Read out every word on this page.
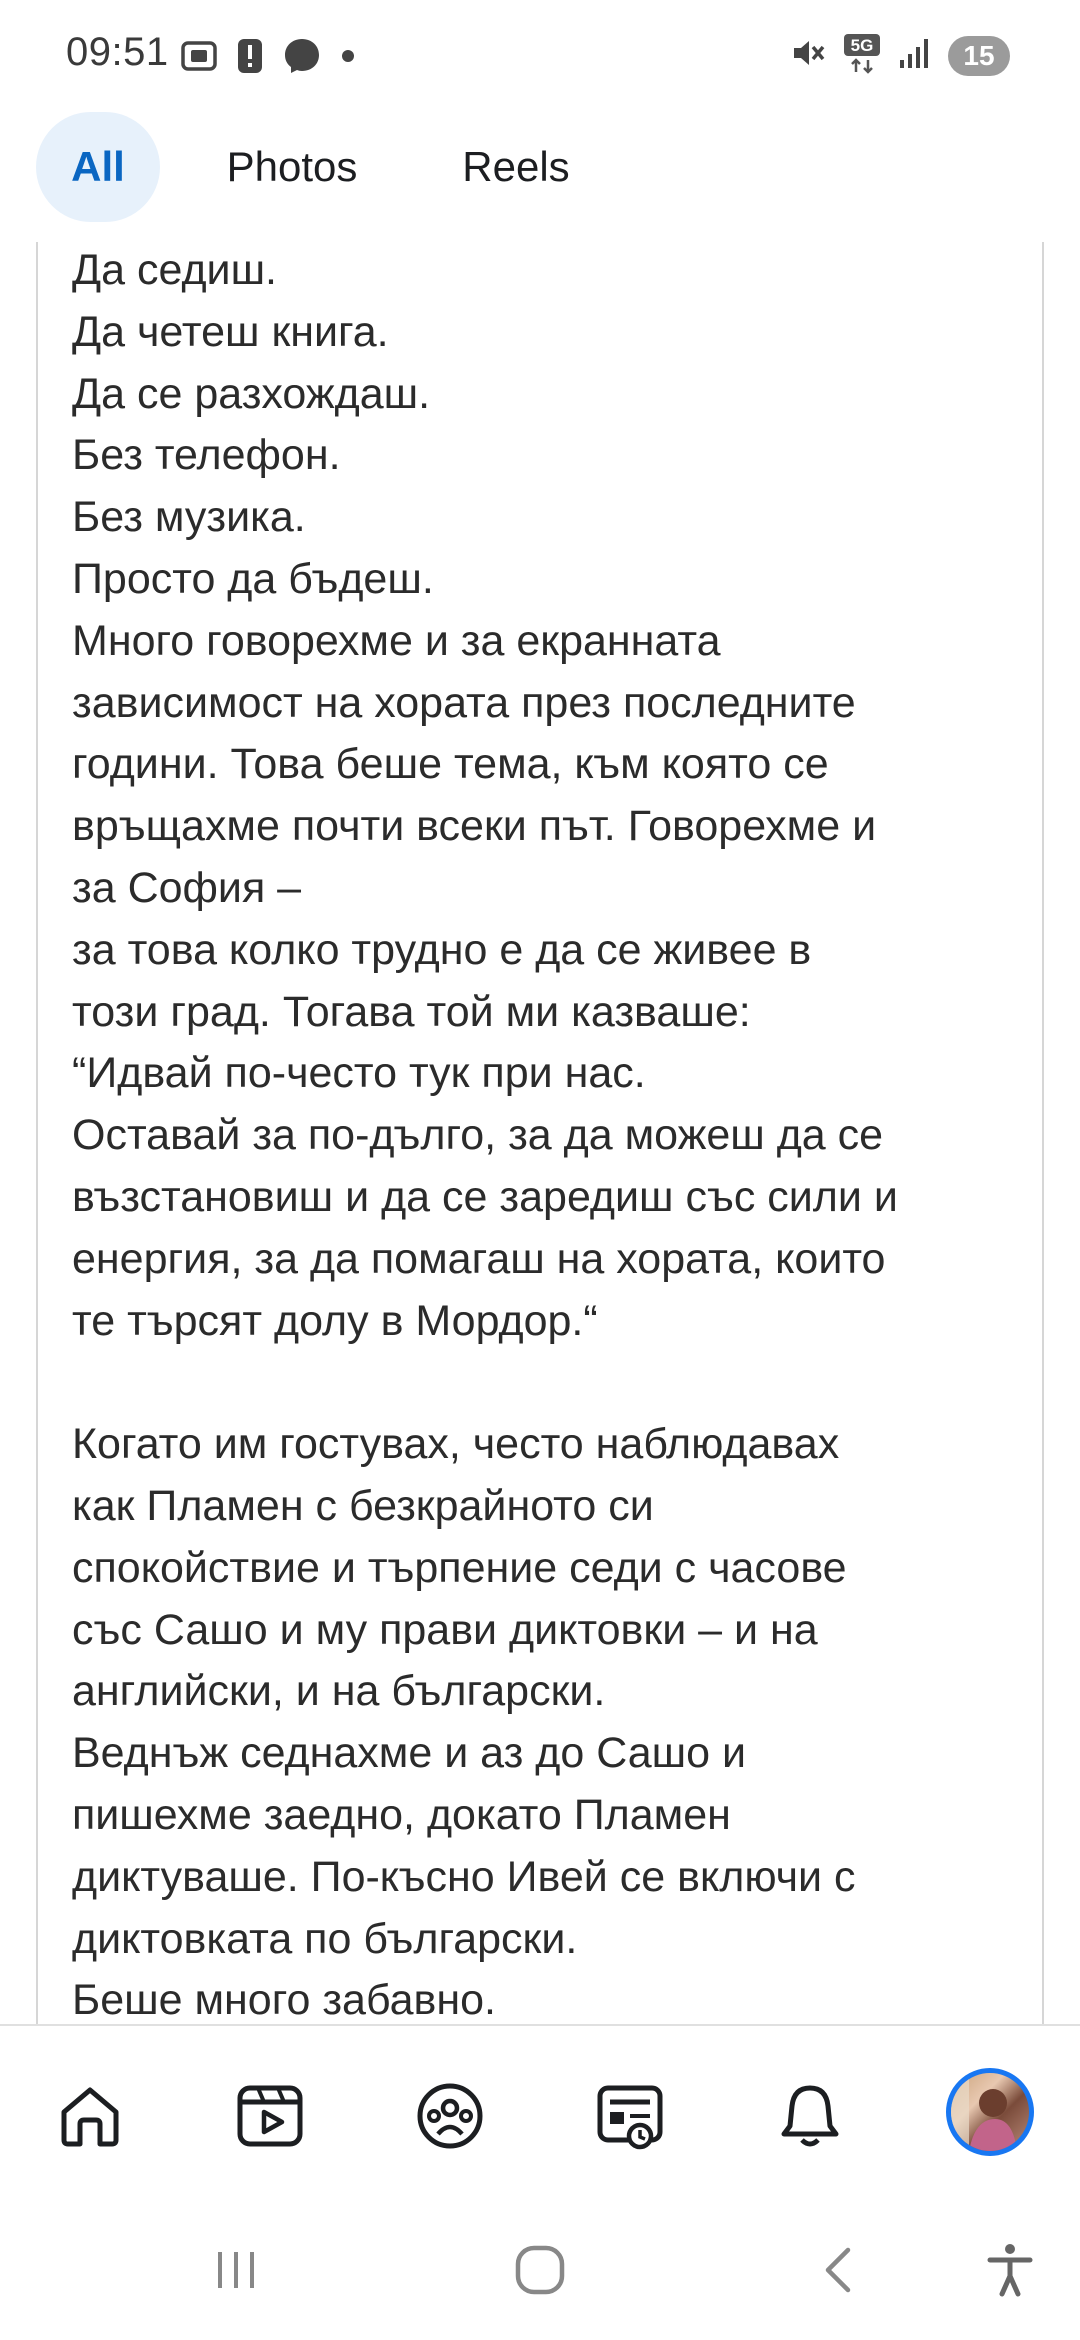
09:51	5G	15
All	Photos	Reels
Да седиш.
Да четеш книга.
Да се разхождаш.
Без телефон.
Без музика.
Просто да бъдеш.
Много говорехме и за екранната
зависимост на хората през последните
години. Това беше тема, към която се
връщахме почти всеки път. Говорехме и
за София –
за това колко трудно е да се живее в
този град. Тогава той ми казваше:
“Идвай по-често тук при нас.
Оставай за по-дълго, за да можеш да се
възстановиш и да се заредиш със сили и
енергия, за да помагаш на хората, които
те търсят долу в Мордор.“
Когато им гостувах, често наблюдавах
как Пламен с безкрайното си
спокойствие и търпение седи с часове
със Сашо и му прави диктовки – и на
английски, и на български.
Веднъж седнахме и аз до Сашо и
пишехме заедно, докато Пламен
диктуваше. По-късно Ивей се включи с
диктовката по български.
Беше много забавно.
